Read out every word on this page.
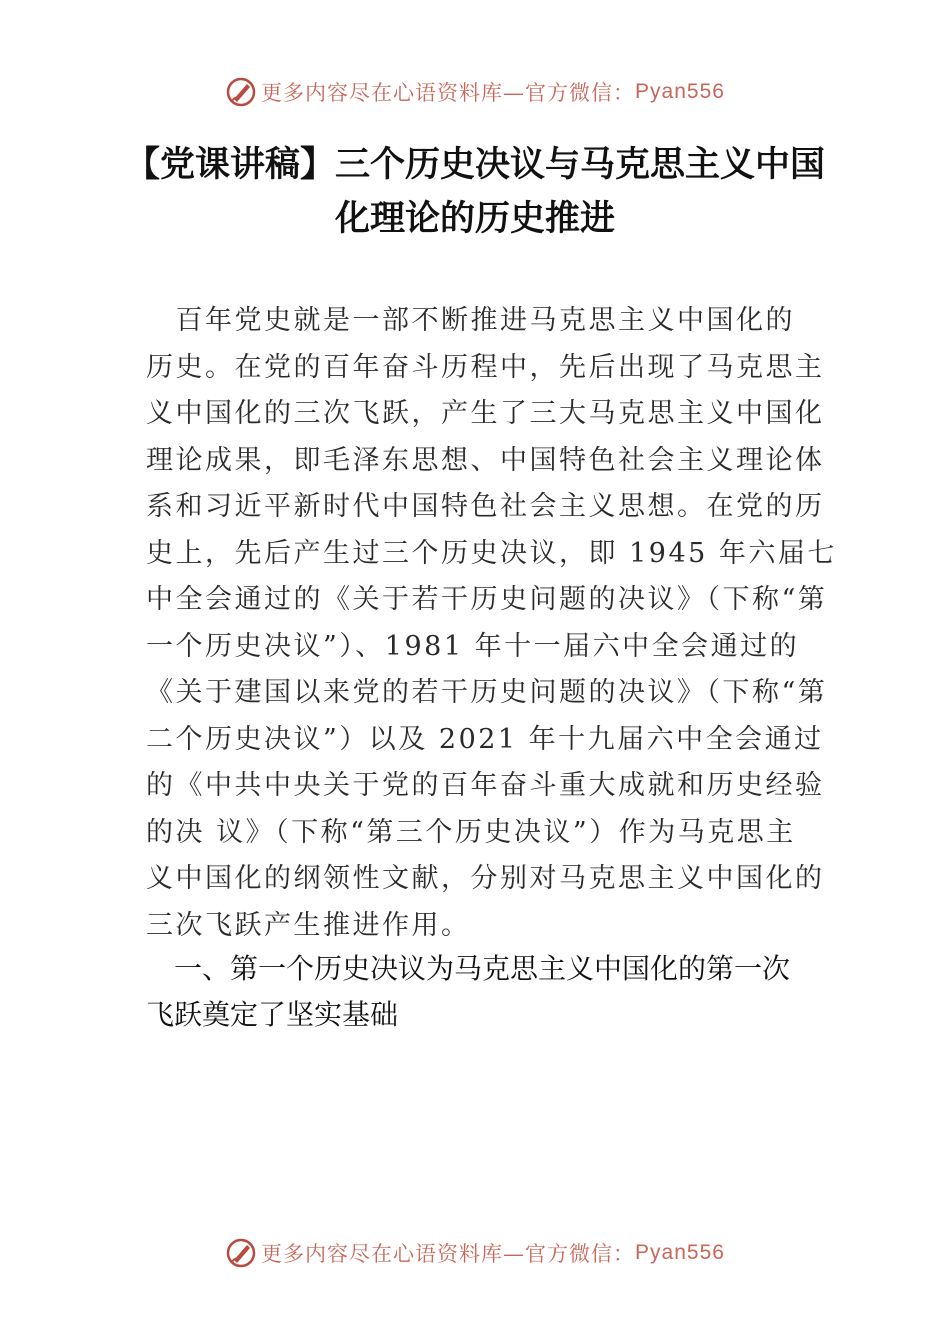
更多内容尽在心语资料库—官方微信： Pyan556
【党课讲稿】三个历史决议与马克思主义中国
化理论的历史推进
　百年党史就是一部不断推进马克思主义中国化的
历史。在党的百年奋斗历程中，先后出现了马克思主
义中国化的三次飞跃，产生了三大马克思主义中国化
理论成果，即毛泽东思想、中国特色社会主义理论体
系和习近平新时代中国特色社会主义思想。在党的历
史上，先后产生过三个历史决议，即 1945 年六届七
中全会通过的《关于若干历史问题的决议》（下称“第
一个历史决议”）、1981 年十一届六中全会通过的
《关于建国以来党的若干历史问题的决议》（下称“第
二个历史决议”）以及 2021 年十九届六中全会通过
的《中共中央关于党的百年奋斗重大成就和历史经验
的决 议》（下称“第三个历史决议”）作为马克思主
义中国化的纲领性文献，分别对马克思主义中国化的
三次飞跃产生推进作用。
　一、第一个历史决议为马克思主义中国化的第一次
飞跃奠定了坚实基础
更多内容尽在心语资料库—官方微信： Pyan556
